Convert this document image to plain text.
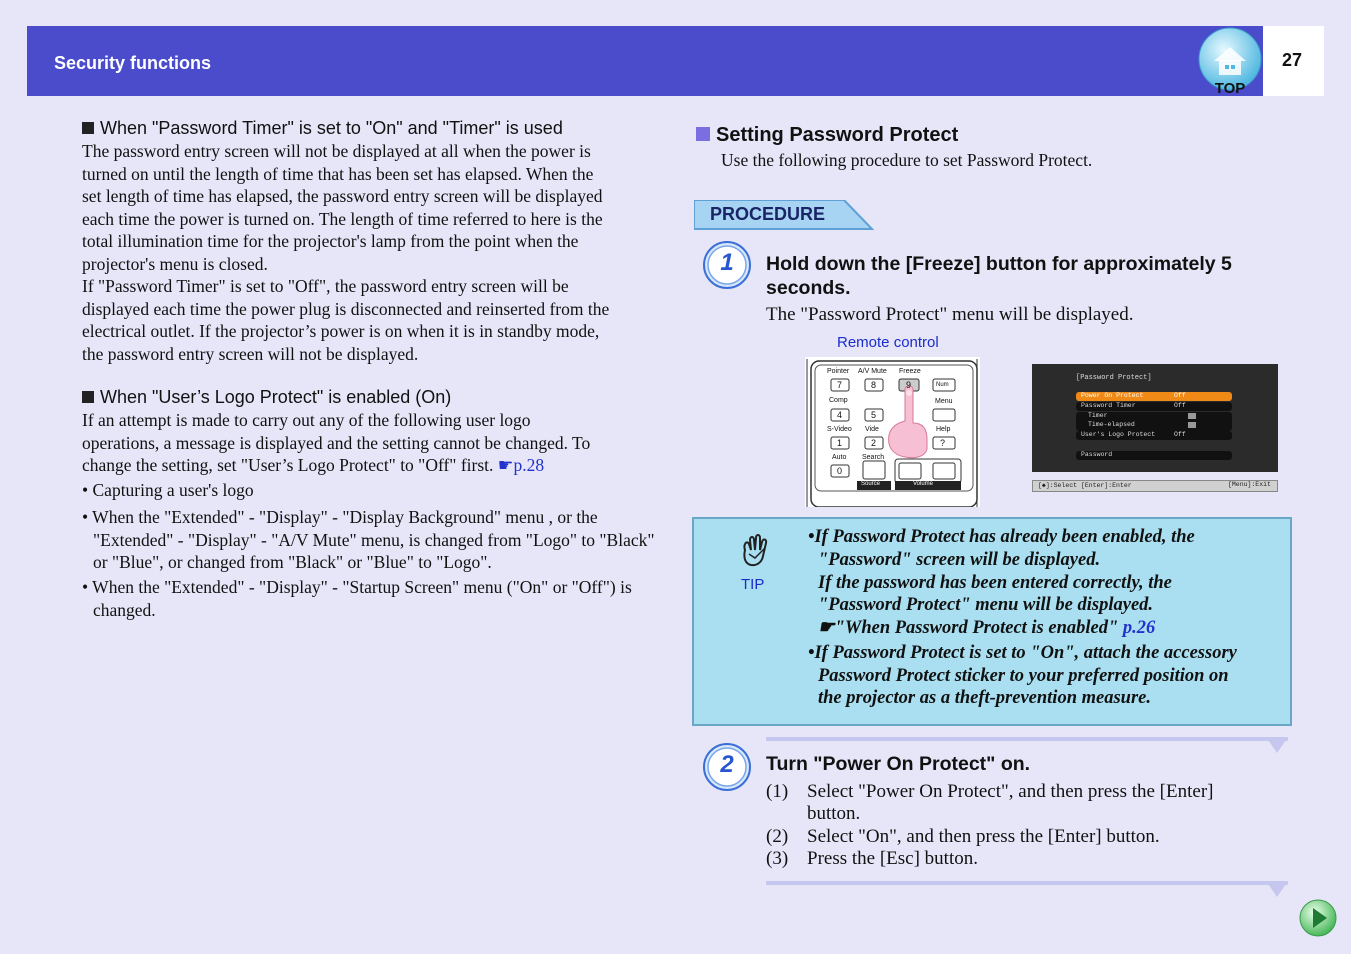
Security functions	27
TOP
When "Password Timer" is set to "On" and "Timer" is used
The password entry screen will not be displayed at all when the power is
turned on until the length of time that has been set has elapsed. When the
set length of time has elapsed, the password entry screen will be displayed
each time the power is turned on. The length of time referred to here is the
total illumination time for the projector's lamp from the point when the
projector's menu is closed.
If "Password Timer" is set to "Off", the password entry screen will be
displayed each time the power plug is disconnected and reinserted from the
electrical outlet. If the projector’s power is on when it is in standby mode,
the password entry screen will not be displayed.
When "User’s Logo Protect" is enabled (On)
If an attempt is made to carry out any of the following user logo
operations, a message is displayed and the setting cannot be changed. To
change the setting, set "User’s Logo Protect" to "Off" first. ☛p.28
• Capturing a user's logo
• When the "Extended" - "Display" - "Display Background" menu , or the "Extended" - "Display" - "A/V Mute" menu, is changed from "Logo" to "Black" or "Blue", or changed from "Black" or "Blue" to "Logo".
• When the "Extended" - "Display" - "Startup Screen" menu ("On" or "Off") is changed.
Setting Password Protect
Use the following procedure to set Password Protect.
PROCEDURE
1	Hold down the [Freeze] button for approximately 5
seconds.
The "Password Protect" menu will be displayed.
Remote control
Pointer A/V Mute Freeze
7	8	9	Num
Comp	Menu
4	5
S-Video Vide	Help
1	2	?
Auto Search
0
Source	Volume
[Password Protect]
Power On Protect	Off
Password Timer	Off
Timer
Time-elapsed
User's Logo Protect	Off
Password
[◆]:Select [Enter]:Enter	[Menu]:Exit
TIP
•If Password Protect has already been enabled, the
"Password" screen will be displayed.
If the password has been entered correctly, the
"Password Protect" menu will be displayed.
☛"When Password Protect is enabled" p.26
•If Password Protect is set to "On", attach the accessory
Password Protect sticker to your preferred position on
the projector as a theft-prevention measure.
2	Turn "Power On Protect" on.
(1) Select "Power On Protect", and then press the [Enter]
button.
(2) Select "On", and then press the [Enter] button.
(3) Press the [Esc] button.
